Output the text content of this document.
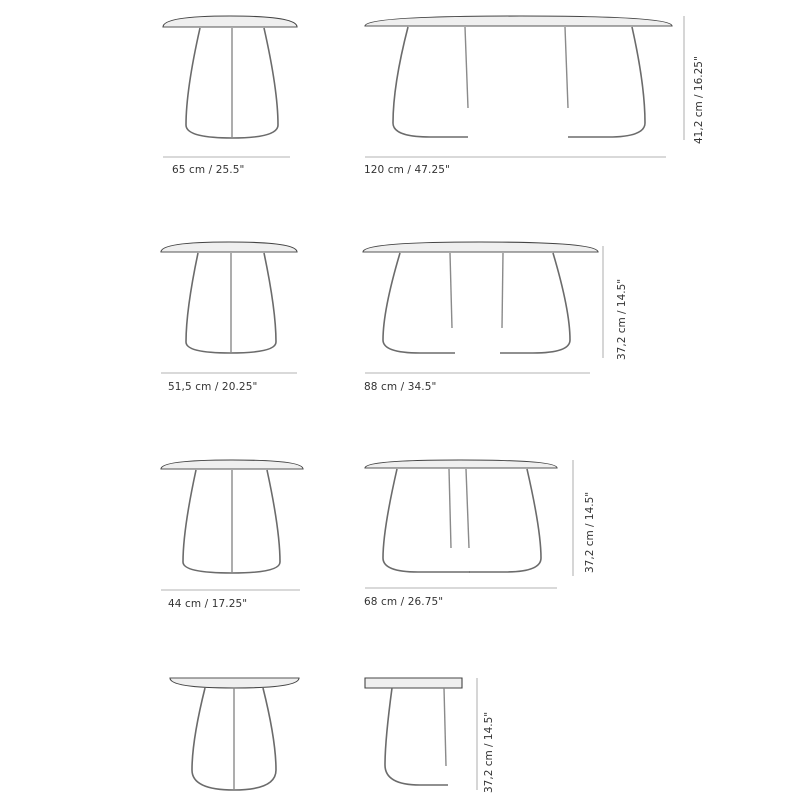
65 cm / 25.5"	120 cm / 47.25"
41,2 cm / 16.25"
51,5 cm / 20.25"	88 cm / 34.5"
37,2 cm / 14.5"
44 cm / 17.25"	68 cm / 26.75"
37,2 cm / 14.5"
37,2 cm / 14.5"
